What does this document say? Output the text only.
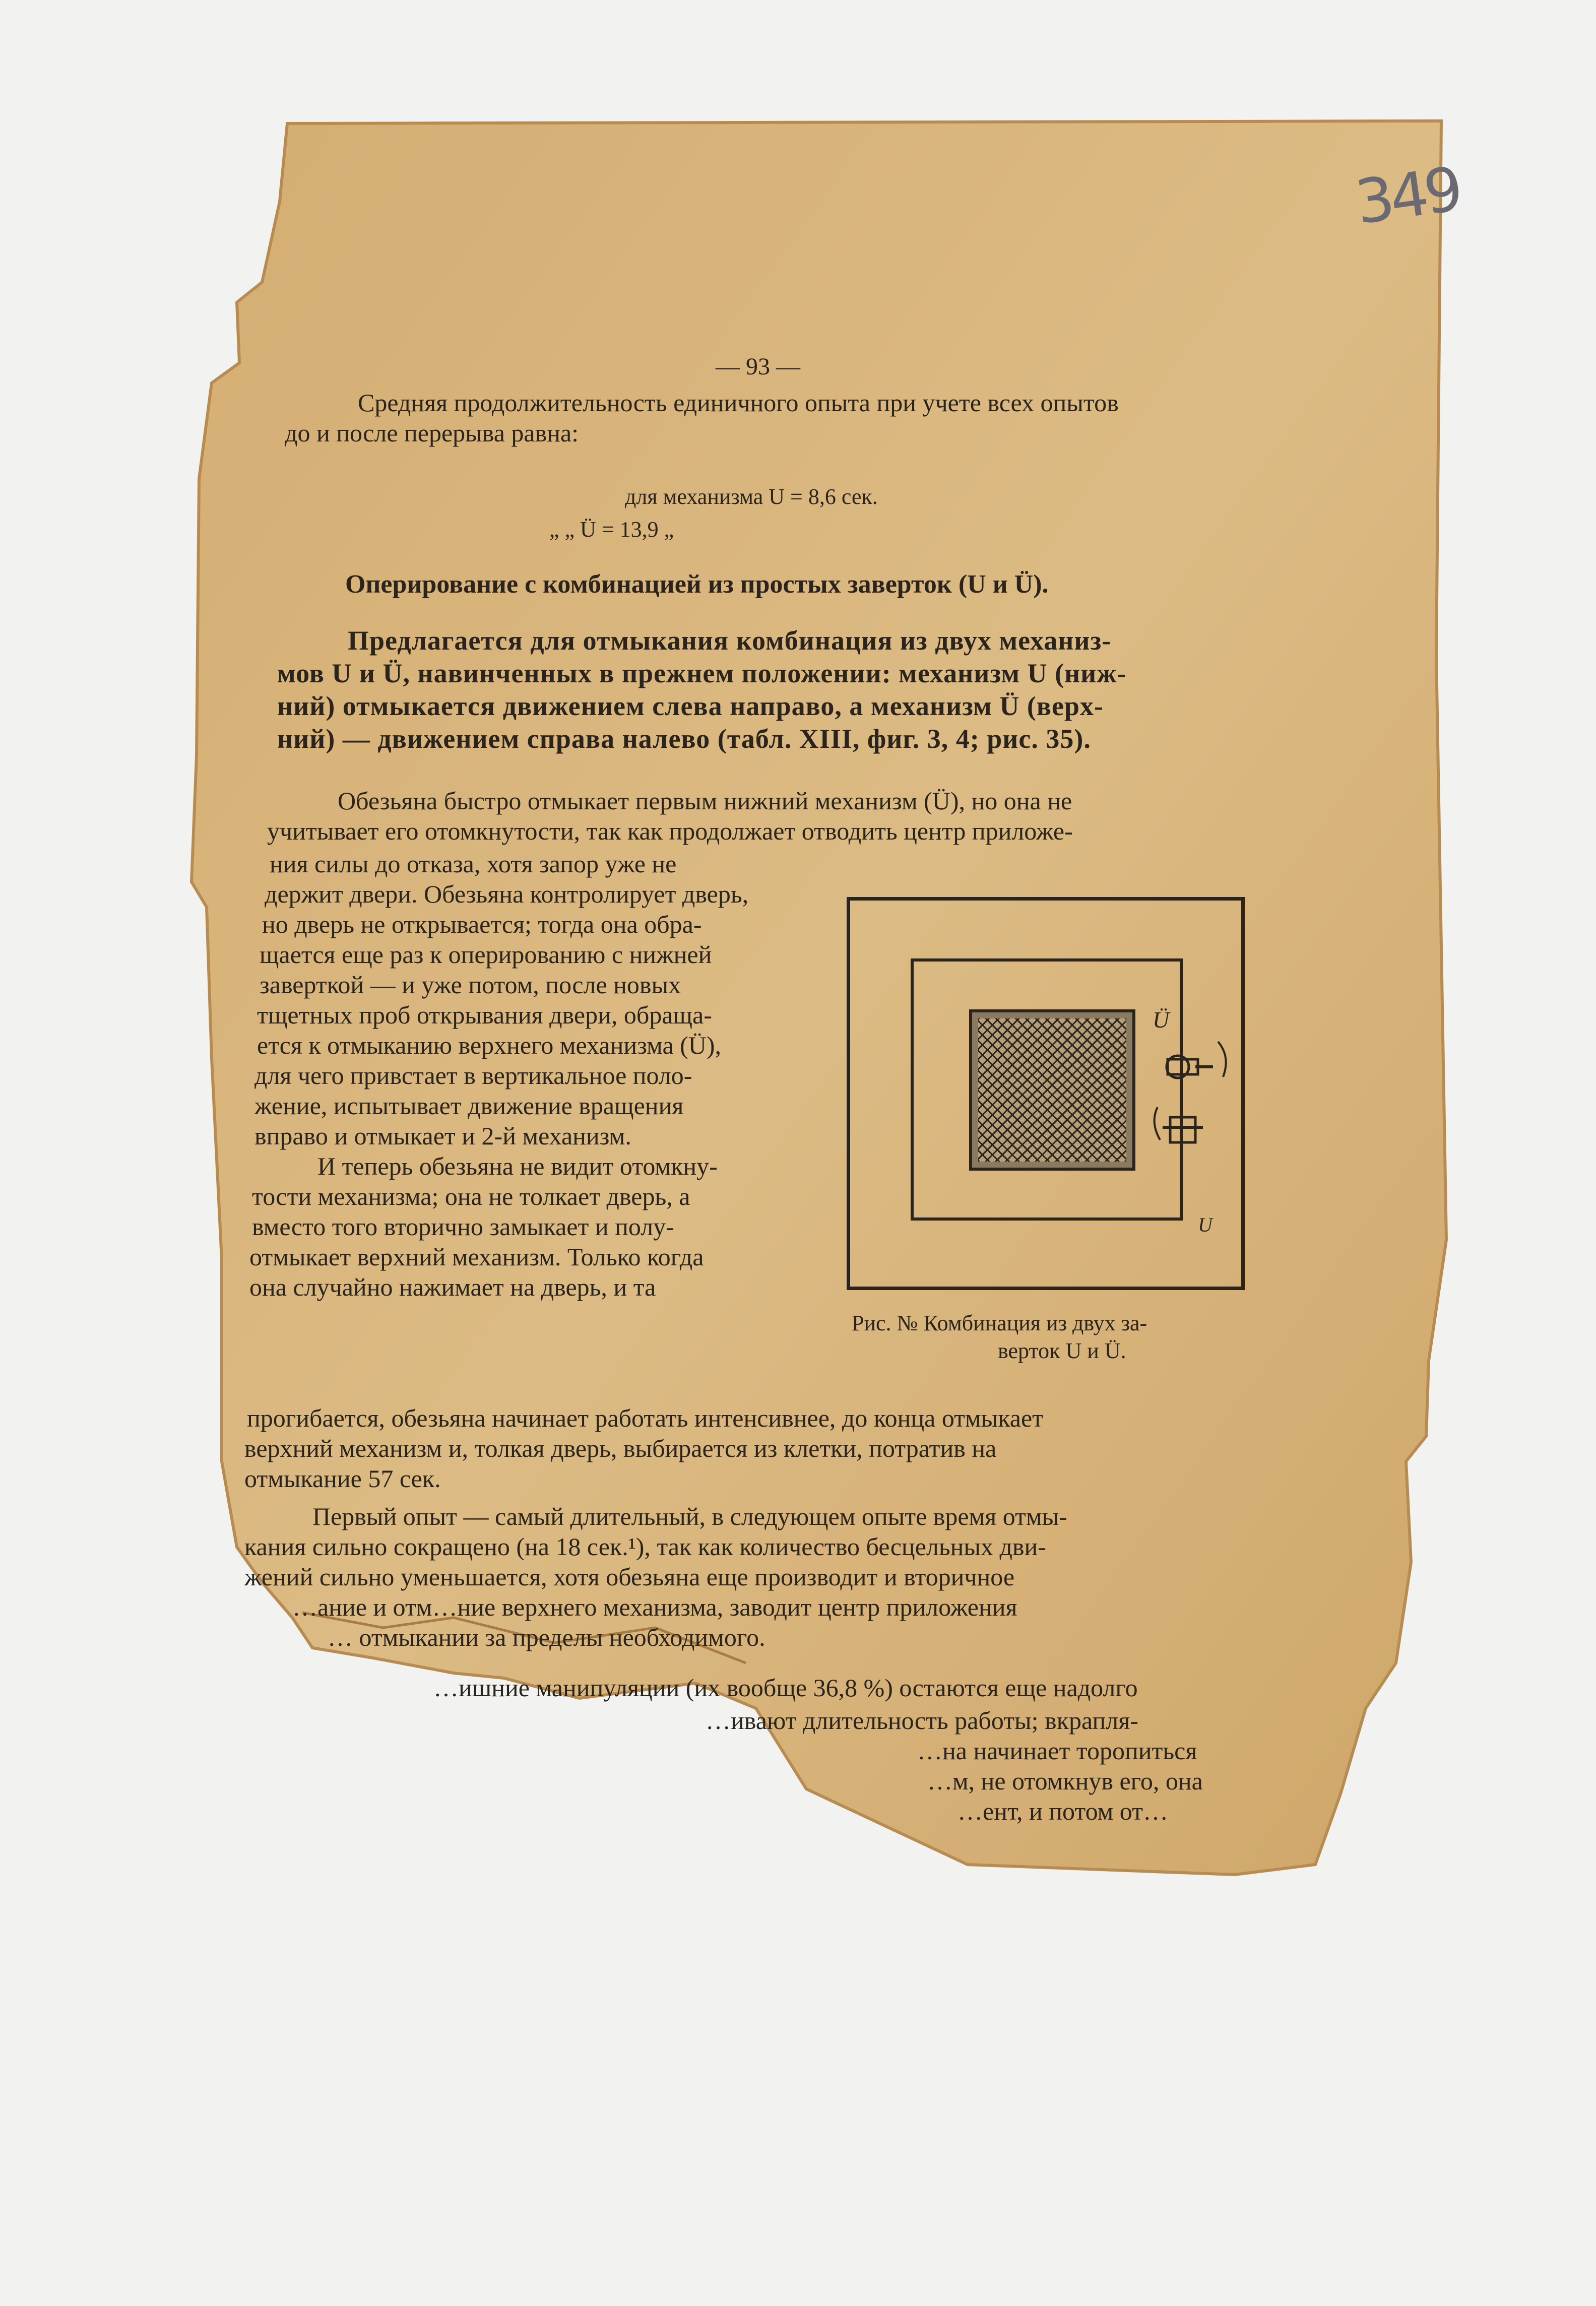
349
— 93 —
Средняя продолжительность единичного опыта при учете всех опытов
до и после перерыва равна:
для механизма U = 8,6 сек.
„ „ Ü = 13,9 „
Оперирование с комбинацией из простых заверток (U и Ü).
Предлагается для отмыкания комбинация из двух механиз-
мов U и Ü, навинченных в прежнем положении: механизм U (ниж-
ний) отмыкается движением слева направо, а механизм Ü (верх-
ний) — движением справа налево (табл. XIII, фиг. 3, 4; рис. 35).
Обезьяна быстро отмыкает первым нижний механизм (Ü), но она не
учитывает его отомкнутости, так как продолжает отводить центр приложе-
ния силы до отказа, хотя запор уже не
держит двери. Обезьяна контролирует дверь,
но дверь не открывается; тогда она обра-
щается еще раз к оперированию с нижней
заверткой — и уже потом, после новых
тщетных проб открывания двери, обраща-
ется к отмыканию верхнего механизма (Ü),
для чего привстает в вертикальное поло-
жение, испытывает движение вращения
вправо и отмыкает и 2-й механизм.
И теперь обезьяна не видит отомкну-
тости механизма; она не толкает дверь, а
вместо того вторично замыкает и полу-
отмыкает верхний механизм. Только когда
она случайно нажимает на дверь, и та
Ü
U
Рис. № Комбинация из двух за-
верток U и Ü.
прогибается, обезьяна начинает работать интенсивнее, до конца отмыкает
верхний механизм и, толкая дверь, выбирается из клетки, потратив на
отмыкание 57 сек.
Первый опыт — самый длительный, в следующем опыте время отмы-
кания сильно сокращено (на 18 сек.¹), так как количество бесцельных дви-
жений сильно уменьшается, хотя обезьяна еще производит и вторичное
…ание и отм…ние верхнего механизма, заводит центр приложения
… отмыкании за пределы необходимого.
…ишние манипуляции (их вообще 36,8 %) остаются еще надолго
…ивают длительность работы; вкрапля-
…на начинает торопиться
…м, не отомкнув его, она
…ент, и потом от…
